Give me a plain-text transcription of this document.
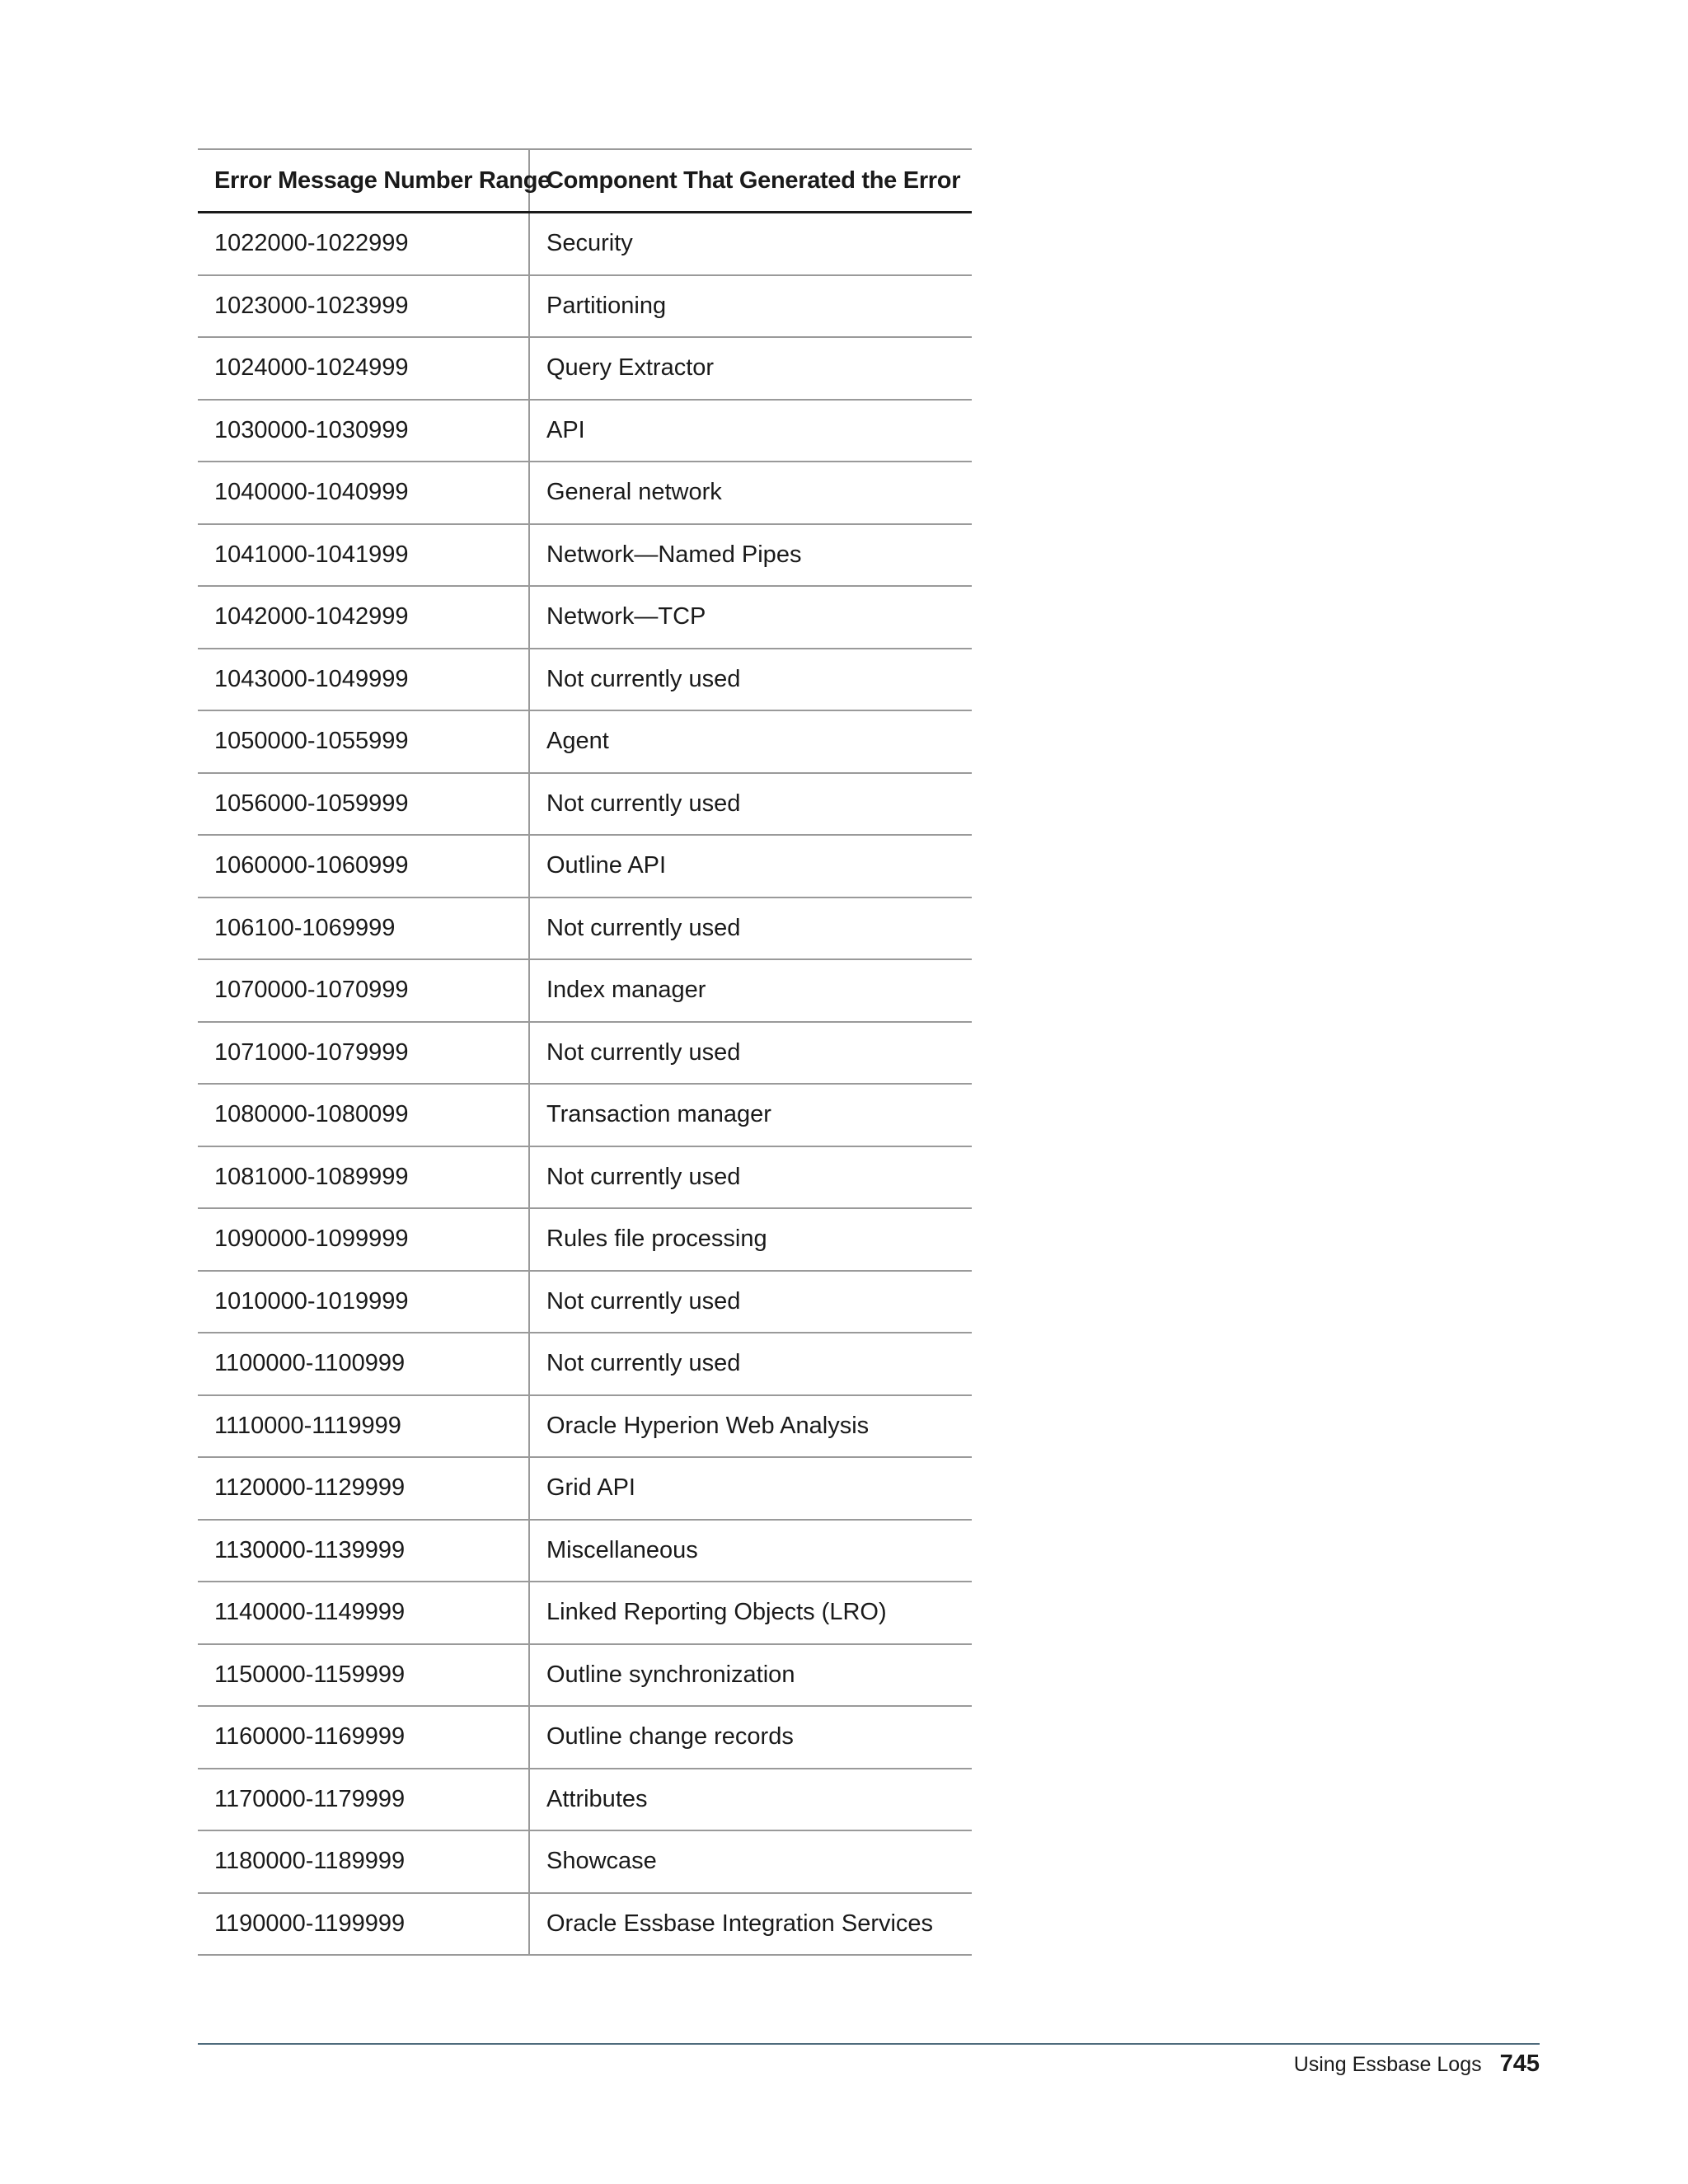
Error Message Number Range	Component That Generated the Error
1022000-1022999	Security
1023000-1023999	Partitioning
1024000-1024999	Query Extractor
1030000-1030999	API
1040000-1040999	General network
1041000-1041999	Network—Named Pipes
1042000-1042999	Network—TCP
1043000-1049999	Not currently used
1050000-1055999	Agent
1056000-1059999	Not currently used
1060000-1060999	Outline API
106100-1069999	Not currently used
1070000-1070999	Index manager
1071000-1079999	Not currently used
1080000-1080099	Transaction manager
1081000-1089999	Not currently used
1090000-1099999	Rules file processing
1010000-1019999	Not currently used
1100000-1100999	Not currently used
1110000-1119999	Oracle Hyperion Web Analysis
1120000-1129999	Grid API
1130000-1139999	Miscellaneous
1140000-1149999	Linked Reporting Objects (LRO)
1150000-1159999	Outline synchronization
1160000-1169999	Outline change records
1170000-1179999	Attributes
1180000-1189999	Showcase
1190000-1199999	Oracle Essbase Integration Services
Using Essbase Logs 745
